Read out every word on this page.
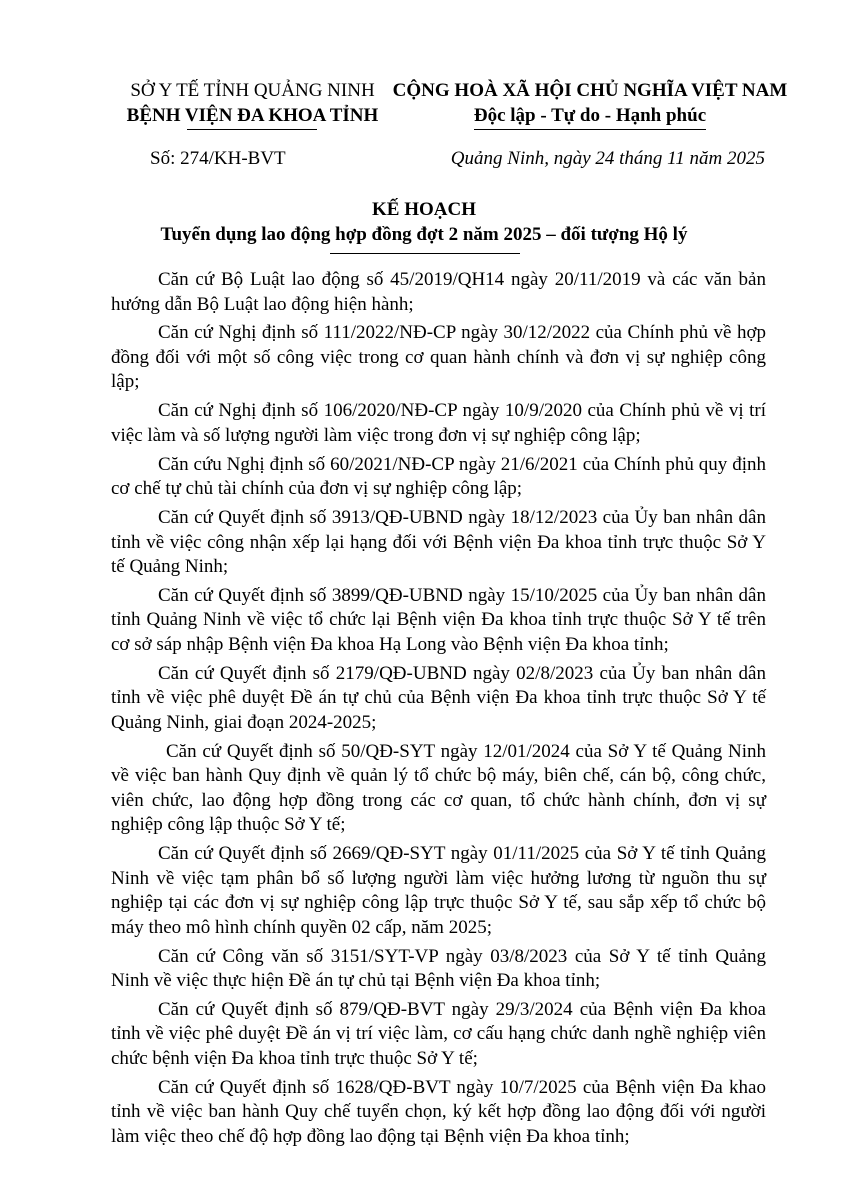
SỞ Y TẾ TỈNH QUẢNG NINH
BỆNH VIỆN ĐA KHOA TỈNH
CỘNG HOÀ XÃ HỘI CHỦ NGHĨA VIỆT NAM
Độc lập - Tự do - Hạnh phúc
Số: 274/KH-BVT	Quảng Ninh, ngày 24 tháng 11 năm 2025
KẾ HOẠCH
Tuyển dụng lao động hợp đồng đợt 2 năm 2025 – đối tượng Hộ lý

Căn cứ Bộ Luật lao động số 45/2019/QH14 ngày 20/11/2019 và các văn bản hướng dẫn Bộ Luật lao động hiện hành;

Căn cứ Nghị định số 111/2022/NĐ-CP ngày 30/12/2022 của Chính phủ về hợp đồng đối với một số công việc trong cơ quan hành chính và đơn vị sự nghiệp công lập;

Căn cứ Nghị định số 106/2020/NĐ-CP ngày 10/9/2020 của Chính phủ về vị trí việc làm và số lượng người làm việc trong đơn vị sự nghiệp công lập;

Căn cứu Nghị định số 60/2021/NĐ-CP ngày 21/6/2021 của Chính phủ quy định cơ chế tự chủ tài chính của đơn vị sự nghiệp công lập;

Căn cứ Quyết định số 3913/QĐ-UBND ngày 18/12/2023 của Ủy ban nhân dân tỉnh về việc công nhận xếp lại hạng đối với Bệnh viện Đa khoa tỉnh trực thuộc Sở Y tế Quảng Ninh;

Căn cứ Quyết định số 3899/QĐ-UBND ngày 15/10/2025 của Ủy ban nhân dân tỉnh Quảng Ninh về việc tổ chức lại Bệnh viện Đa khoa tỉnh trực thuộc Sở Y tế trên cơ sở sáp nhập Bệnh viện Đa khoa Hạ Long vào Bệnh viện Đa khoa tỉnh;

Căn cứ Quyết định số 2179/QĐ-UBND ngày 02/8/2023 của Ủy ban nhân dân tỉnh về việc phê duyệt Đề án tự chủ của Bệnh viện Đa khoa tỉnh trực thuộc Sở Y tế Quảng Ninh, giai đoạn 2024-2025;

Căn cứ Quyết định số 50/QĐ-SYT ngày 12/01/2024 của Sở Y tế Quảng Ninh về việc ban hành Quy định về quản lý tổ chức bộ máy, biên chế, cán bộ, công chức, viên chức, lao động hợp đồng trong các cơ quan, tổ chức hành chính, đơn vị sự nghiệp công lập thuộc Sở Y tế;

Căn cứ Quyết định số 2669/QĐ-SYT ngày 01/11/2025 của Sở Y tế tỉnh Quảng Ninh về việc tạm phân bổ số lượng người làm việc hưởng lương từ nguồn thu sự nghiệp tại các đơn vị sự nghiệp công lập trực thuộc Sở Y tế, sau sắp xếp tổ chức bộ máy theo mô hình chính quyền 02 cấp, năm 2025;

Căn cứ Công văn số 3151/SYT-VP ngày 03/8/2023 của Sở Y tế tỉnh Quảng Ninh về việc thực hiện Đề án tự chủ tại Bệnh viện Đa khoa tỉnh;

Căn cứ Quyết định số 879/QĐ-BVT ngày 29/3/2024 của Bệnh viện Đa khoa tỉnh về việc phê duyệt Đề án vị trí việc làm, cơ cấu hạng chức danh nghề nghiệp viên chức bệnh viện Đa khoa tỉnh trực thuộc Sở Y tế;

Căn cứ Quyết định số 1628/QĐ-BVT ngày 10/7/2025 của Bệnh viện Đa khao tỉnh về việc ban hành Quy chế tuyển chọn, ký kết hợp đồng lao động đối với người làm việc theo chế độ hợp đồng lao động tại Bệnh viện Đa khoa tỉnh;
